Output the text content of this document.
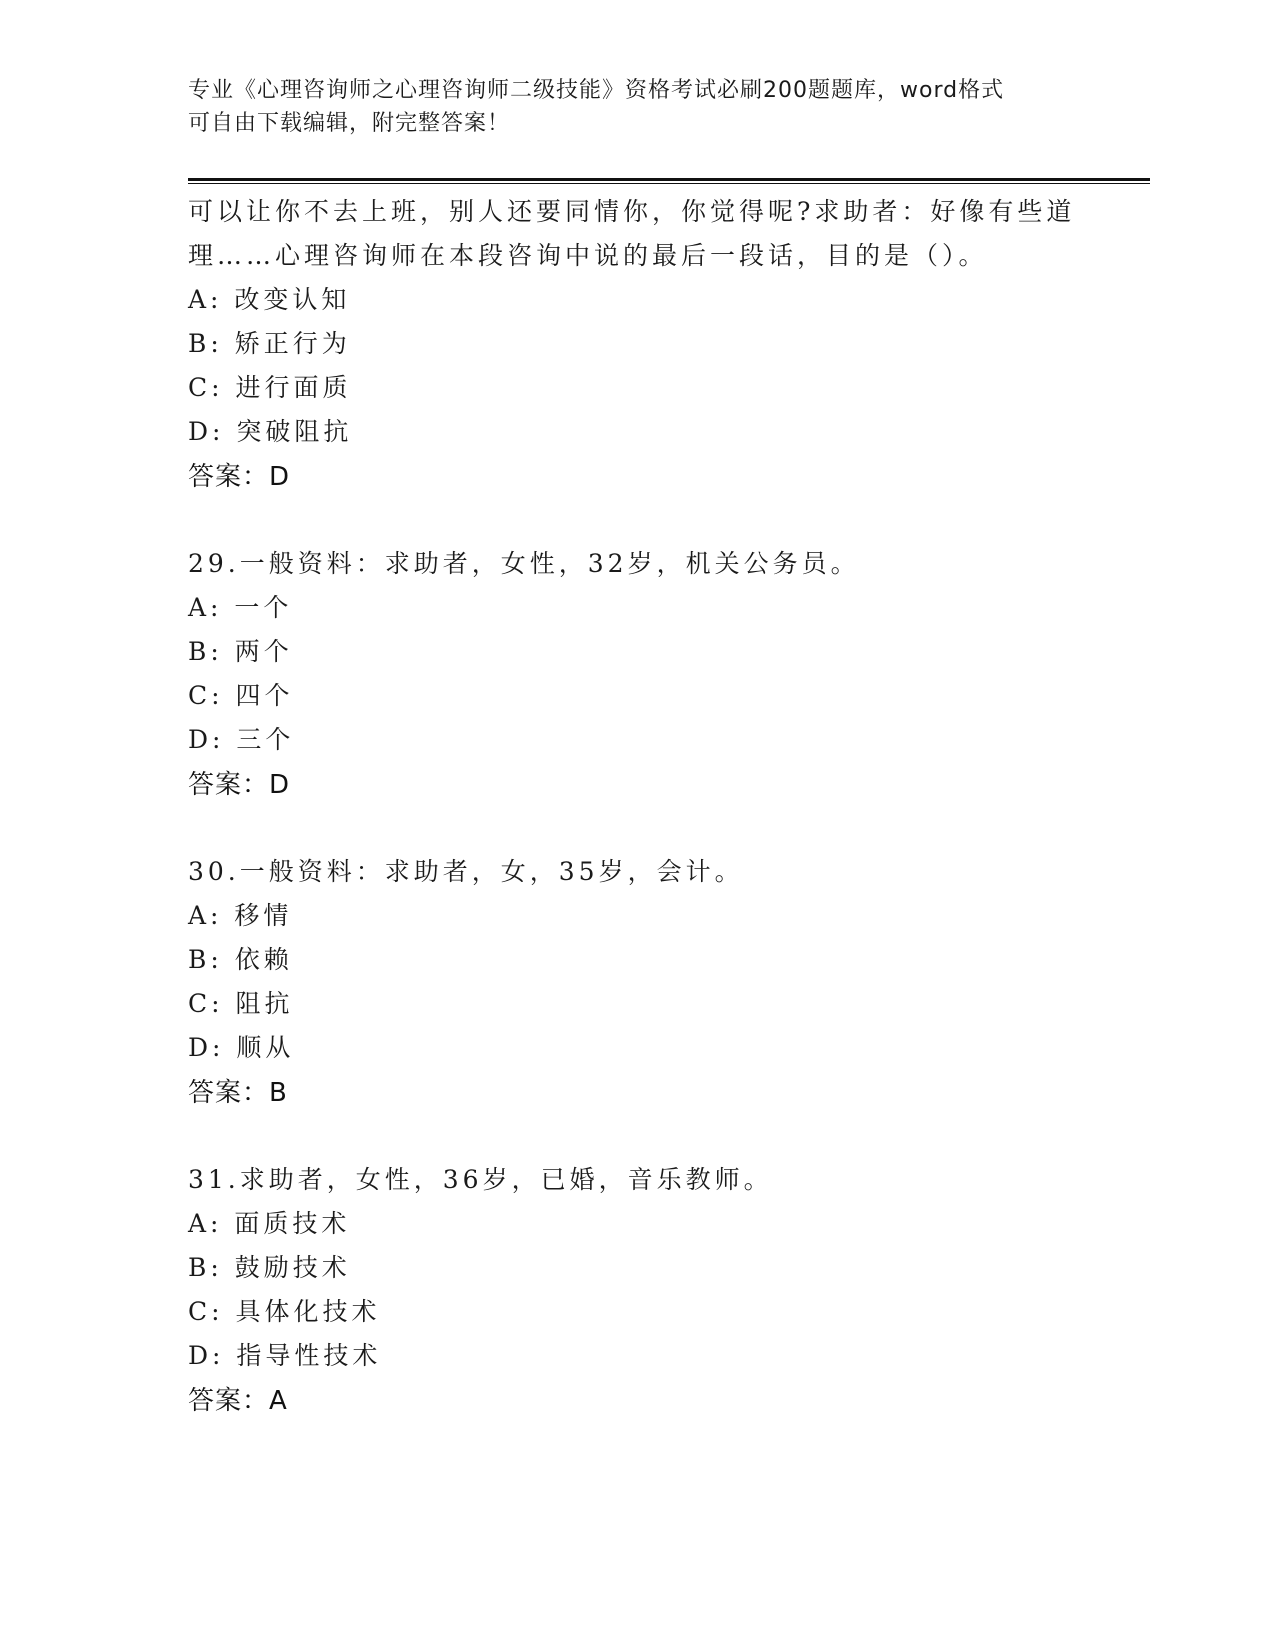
专业《心理咨询师之心理咨询师二级技能》资格考试必刷200题题库，word格式
可自由下载编辑，附完整答案！
可以让你不去上班，别人还要同情你，你觉得呢?求助者：好像有些道
理……心理咨询师在本段咨询中说的最后一段话，目的是（）。
A: 改变认知
B: 矫正行为
C: 进行面质
D: 突破阻抗
答案：D
29.一般资料：求助者，女性，32岁，机关公务员。
A: 一个
B: 两个
C: 四个
D: 三个
答案：D
30.一般资料：求助者，女，35岁，会计。
A: 移情
B: 依赖
C: 阻抗
D: 顺从
答案：B
31.求助者，女性，36岁，已婚，音乐教师。
A: 面质技术
B: 鼓励技术
C: 具体化技术
D: 指导性技术
答案：A
